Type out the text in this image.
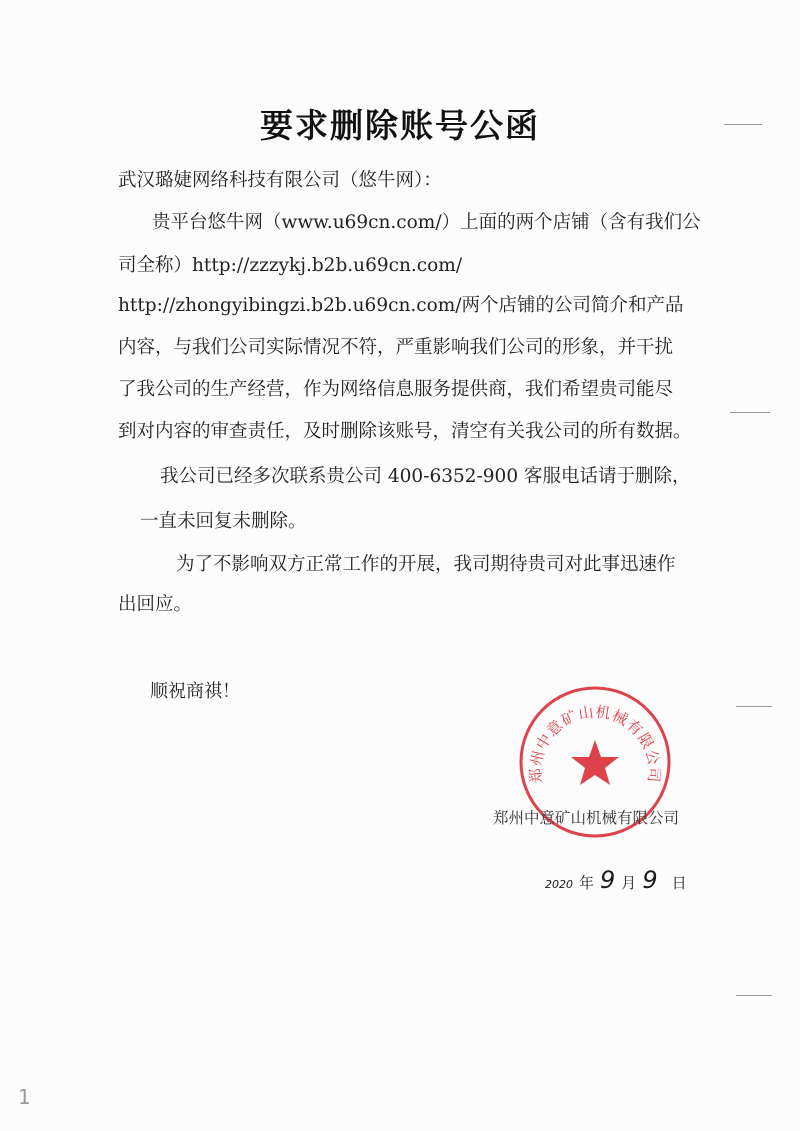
要求删除账号公函
武汉璐婕网络科技有限公司（悠牛网）：
贵平台悠牛网（www.u69cn.com/）上面的两个店铺（含有我们公
司全称）http://zzzykj.b2b.u69cn.com/
http://zhongyibingzi.b2b.u69cn.com/两个店铺的公司简介和产品
内容，与我们公司实际情况不符，严重影响我们公司的形象，并干扰
了我公司的生产经营，作为网络信息服务提供商，我们希望贵司能尽
到对内容的审查责任，及时删除该账号，清空有关我公司的所有数据。
我公司已经多次联系贵公司 400-6352-900 客服电话请于删除，
一直未回复未删除。
为了不影响双方正常工作的开展，我司期待贵司对此事迅速作
出回应。
顺祝商祺！
郑州中意矿山机械有限公司
郑州中意矿山机械有限公司
2020 年 9 月 9 日
1
